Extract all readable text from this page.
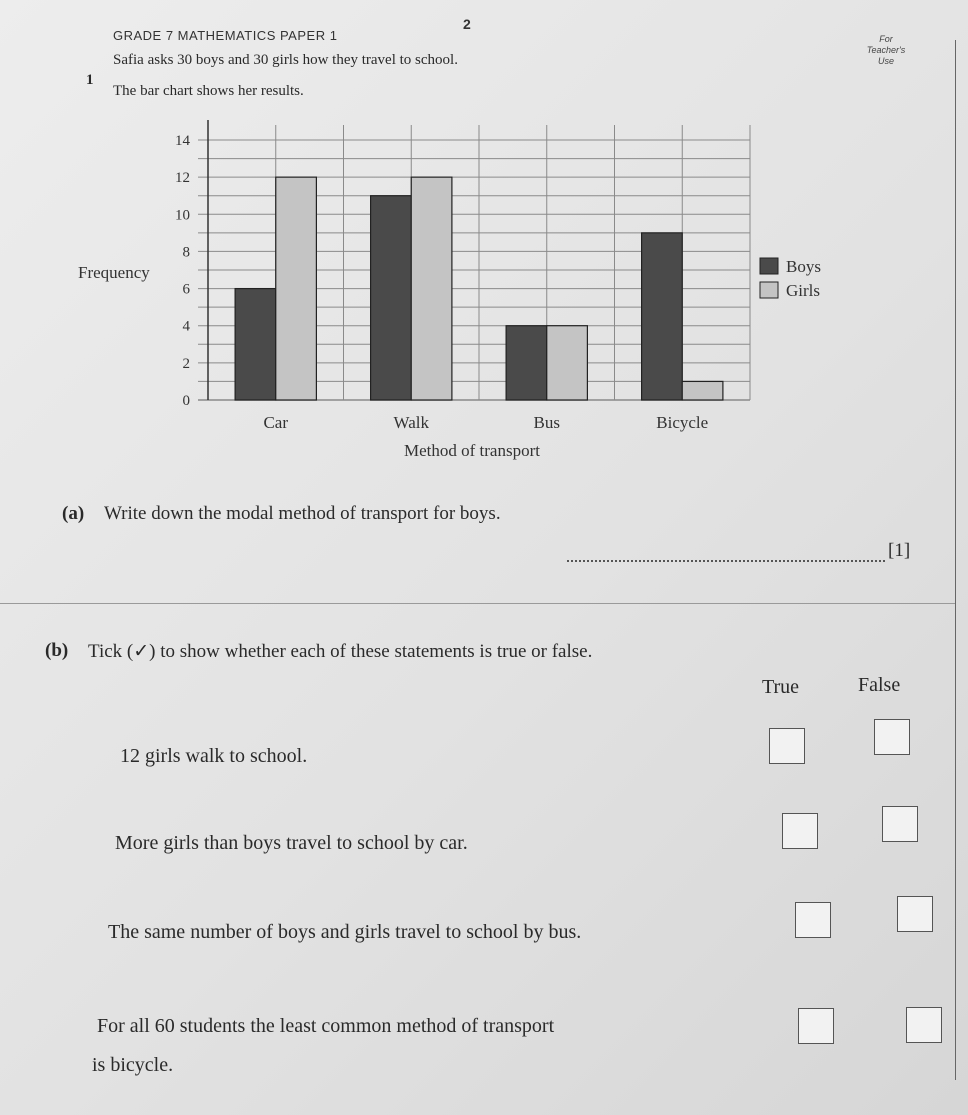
GRADE 7 MATHEMATICS PAPER 1
2
For
Teacher's
Use
1
Safia asks 30 boys and 30 girls how they travel to school.
The bar chart shows her results.
0
2
4
6
8
10
12
14
Car	Walk	Bus	Bicycle
Frequency
Method of transport
Boys
Girls
(a) Write down the modal method of transport for boys.
[1]
(b) Tick (✓) to show whether each of these statements is true or false.
True	False
12 girls walk to school.
More girls than boys travel to school by car.
The same number of boys and girls travel to school by bus.
For all 60 students the least common method of transport
is bicycle.
